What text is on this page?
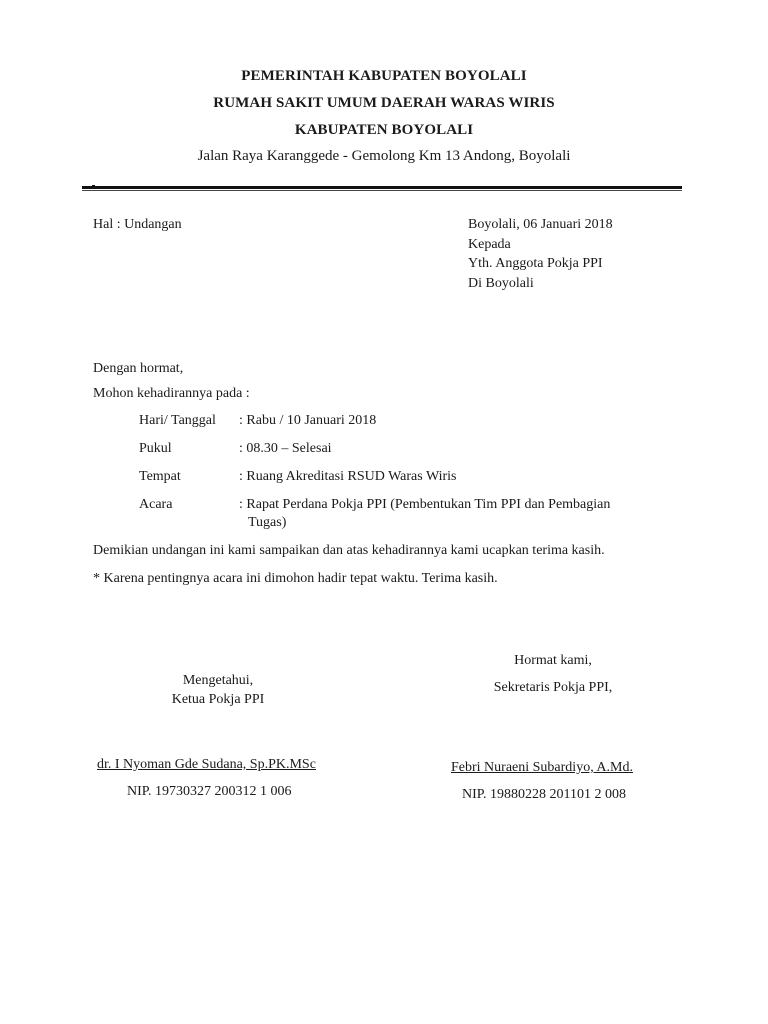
PEMERINTAH KABUPATEN BOYOLALI
RUMAH SAKIT UMUM DAERAH WARAS WIRIS
KABUPATEN BOYOLALI
Jalan Raya Karanggede - Gemolong Km 13 Andong, Boyolali
Hal : Undangan	Boyolali, 06 Januari 2018
Kepada
Yth. Anggota Pokja PPI
Di Boyolali
Dengan hormat,
Mohon kehadirannya pada :
Hari/ Tanggal : Rabu / 10 Januari 2018
Pukul	: 08.30 – Selesai
Tempat	: Ruang Akreditasi RSUD Waras Wiris
Acara	: Rapat Perdana Pokja PPI (Pembentukan Tim PPI dan Pembagian
Tugas)
Demikian undangan ini kami sampaikan dan atas kehadirannya kami ucapkan terima kasih.
* Karena pentingnya acara ini dimohon hadir tepat waktu. Terima kasih.
Mengetahui,
Ketua Pokja PPI
dr. I Nyoman Gde Sudana, Sp.PK.MSc
NIP. 19730327 200312 1 006
Hormat kami,
Sekretaris Pokja PPI,
Febri Nuraeni Subardiyo, A.Md.
NIP. 19880228 201101 2 008
